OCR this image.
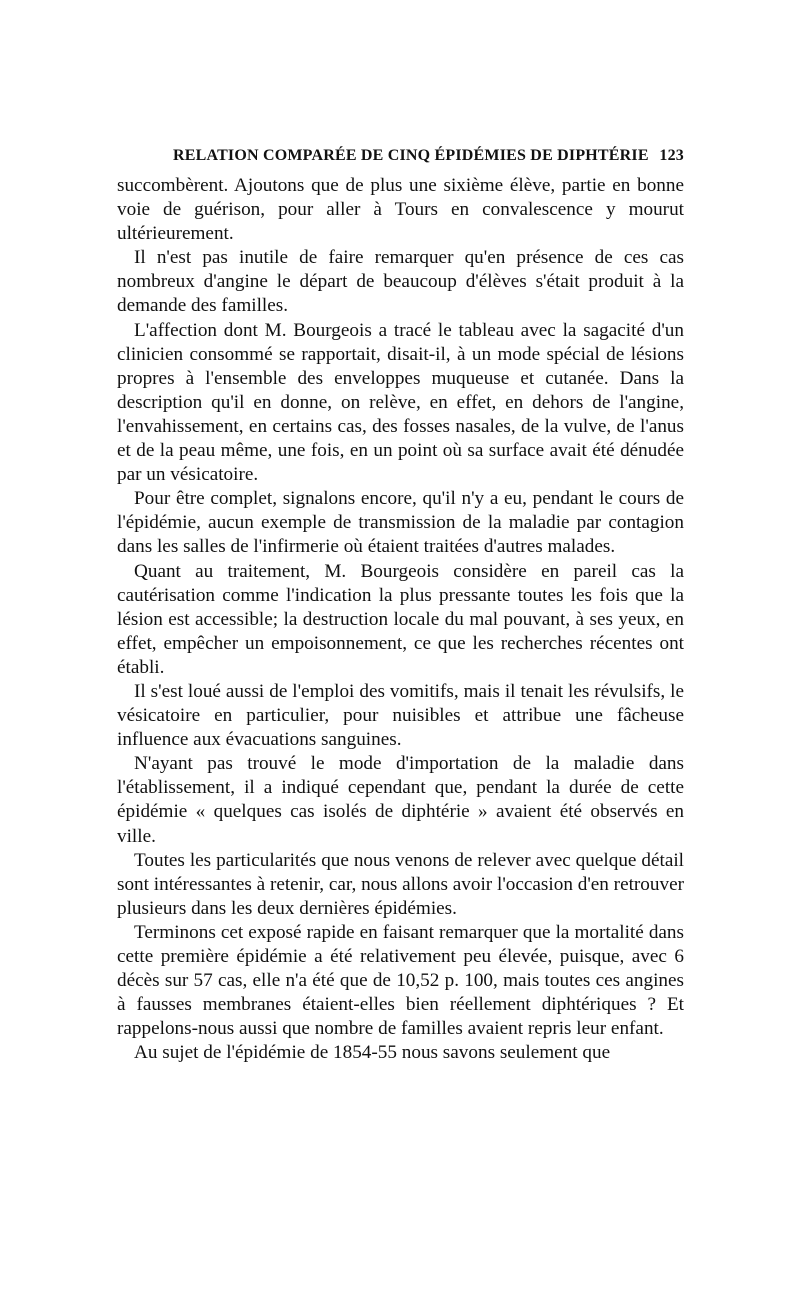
RELATION COMPARÉE DE CINQ ÉPIDÉMIES DE DIPHTÉRIE 123

succombèrent. Ajoutons que de plus une sixième élève, partie en bonne voie de guérison, pour aller à Tours en convalescence y mourut ultérieurement.

Il n'est pas inutile de faire remarquer qu'en présence de ces cas nombreux d'angine le départ de beaucoup d'élèves s'était produit à la demande des familles.

L'affection dont M. Bourgeois a tracé le tableau avec la sagacité d'un clinicien consommé se rapportait, disait-il, à un mode spécial de lésions propres à l'ensemble des enveloppes muqueuse et cutanée. Dans la description qu'il en donne, on relève, en effet, en dehors de l'angine, l'envahissement, en certains cas, des fosses nasales, de la vulve, de l'anus et de la peau même, une fois, en un point où sa surface avait été dénudée par un vésicatoire.

Pour être complet, signalons encore, qu'il n'y a eu, pendant le cours de l'épidémie, aucun exemple de transmission de la maladie par contagion dans les salles de l'infirmerie où étaient traitées d'autres malades.

Quant au traitement, M. Bourgeois considère en pareil cas la cautérisation comme l'indication la plus pressante toutes les fois que la lésion est accessible; la destruction locale du mal pouvant, à ses yeux, en effet, empêcher un empoisonnement, ce que les recherches récentes ont établi.

Il s'est loué aussi de l'emploi des vomitifs, mais il tenait les révulsifs, le vésicatoire en particulier, pour nuisibles et attribue une fâcheuse influence aux évacuations sanguines.

N'ayant pas trouvé le mode d'importation de la maladie dans l'établissement, il a indiqué cependant que, pendant la durée de cette épidémie « quelques cas isolés de diphtérie » avaient été observés en ville.

Toutes les particularités que nous venons de relever avec quelque détail sont intéressantes à retenir, car, nous allons avoir l'occasion d'en retrouver plusieurs dans les deux dernières épidémies.

Terminons cet exposé rapide en faisant remarquer que la mortalité dans cette première épidémie a été relativement peu élevée, puisque, avec 6 décès sur 57 cas, elle n'a été que de 10,52 p. 100, mais toutes ces angines à fausses membranes étaient-elles bien réellement diphtériques ? Et rappelons-nous aussi que nombre de familles avaient repris leur enfant.

Au sujet de l'épidémie de 1854-55 nous savons seulement que
